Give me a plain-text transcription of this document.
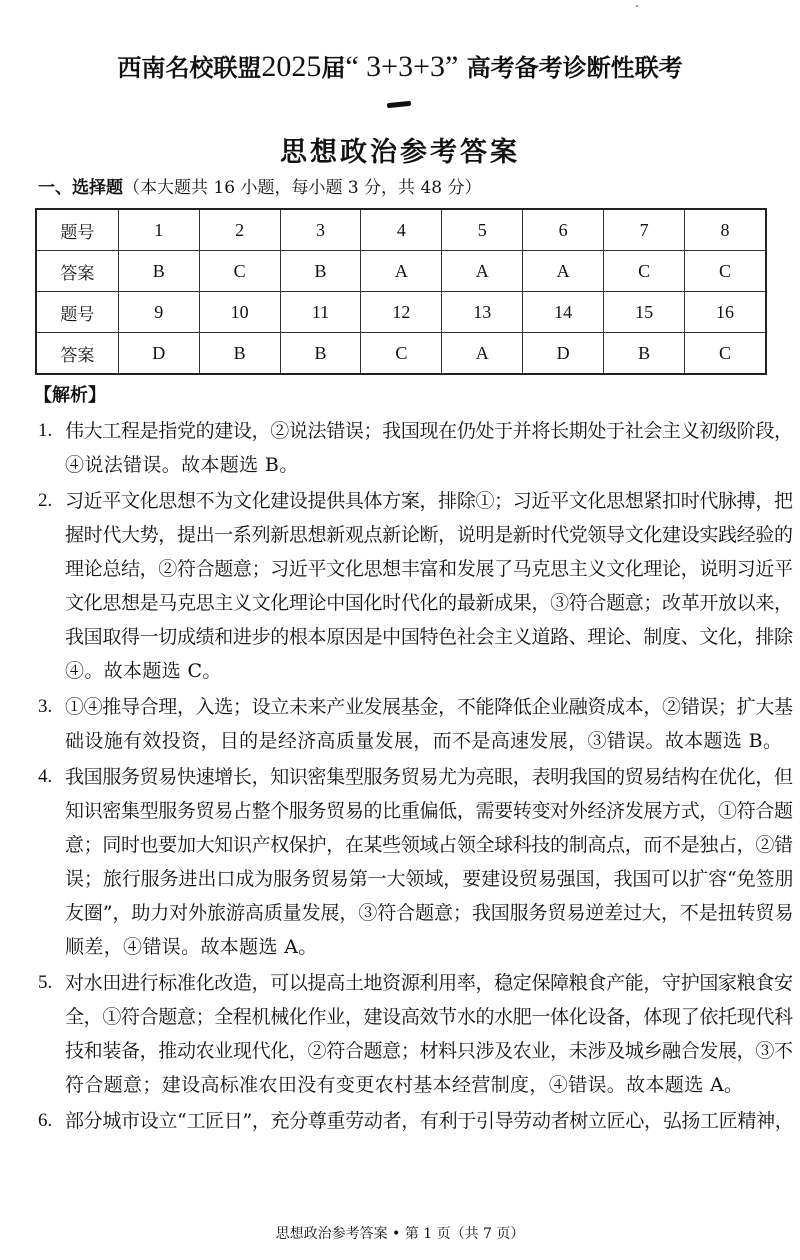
西南名校联盟2025届“ 3+3+3” 高考备考诊断性联考
思想政治参考答案
一、选择题（本大题共 16 小题，每小题 3 分，共 48 分）
题号	1	2	3	4	5	6	7	8
答案	B	C	B	A	A	A	C	C
题号	9	10	11	12	13	14	15	16
答案	D	B	B	C	A	D	B	C
【解析】
1. 伟大工程是指党的建设，②说法错误；我国现在仍处于并将长期处于社会主义初级阶段，
④说法错误。故本题选 B。
2. 习近平文化思想不为文化建设提供具体方案，排除①；习近平文化思想紧扣时代脉搏，把
握时代大势，提出一系列新思想新观点新论断，说明是新时代党领导文化建设实践经验的
理论总结，②符合题意；习近平文化思想丰富和发展了马克思主义文化理论，说明习近平
文化思想是马克思主义文化理论中国化时代化的最新成果，③符合题意；改革开放以来，
我国取得一切成绩和进步的根本原因是中国特色社会主义道路、理论、制度、文化，排除
④。故本题选 C。
3. ①④推导合理，入选；设立未来产业发展基金，不能降低企业融资成本，②错误；扩大基
础设施有效投资，目的是经济高质量发展，而不是高速发展，③错误。故本题选 B。
4. 我国服务贸易快速增长，知识密集型服务贸易尤为亮眼，表明我国的贸易结构在优化，但
知识密集型服务贸易占整个服务贸易的比重偏低，需要转变对外经济发展方式，①符合题
意；同时也要加大知识产权保护，在某些领域占领全球科技的制高点，而不是独占，②错
误；旅行服务进出口成为服务贸易第一大领域，要建设贸易强国，我国可以扩容“免签朋
友圈”，助力对外旅游高质量发展，③符合题意；我国服务贸易逆差过大，不是扭转贸易
顺差，④错误。故本题选 A。
5. 对水田进行标准化改造，可以提高土地资源利用率，稳定保障粮食产能，守护国家粮食安
全，①符合题意；全程机械化作业，建设高效节水的水肥一体化设备，体现了依托现代科
技和装备，推动农业现代化，②符合题意；材料只涉及农业，未涉及城乡融合发展，③不
符合题意；建设高标准农田没有变更农村基本经营制度，④错误。故本题选 A。
6. 部分城市设立“工匠日”，充分尊重劳动者，有利于引导劳动者树立匠心，弘扬工匠精神，
思想政治参考答案 • 第 1 页（共 7 页）
